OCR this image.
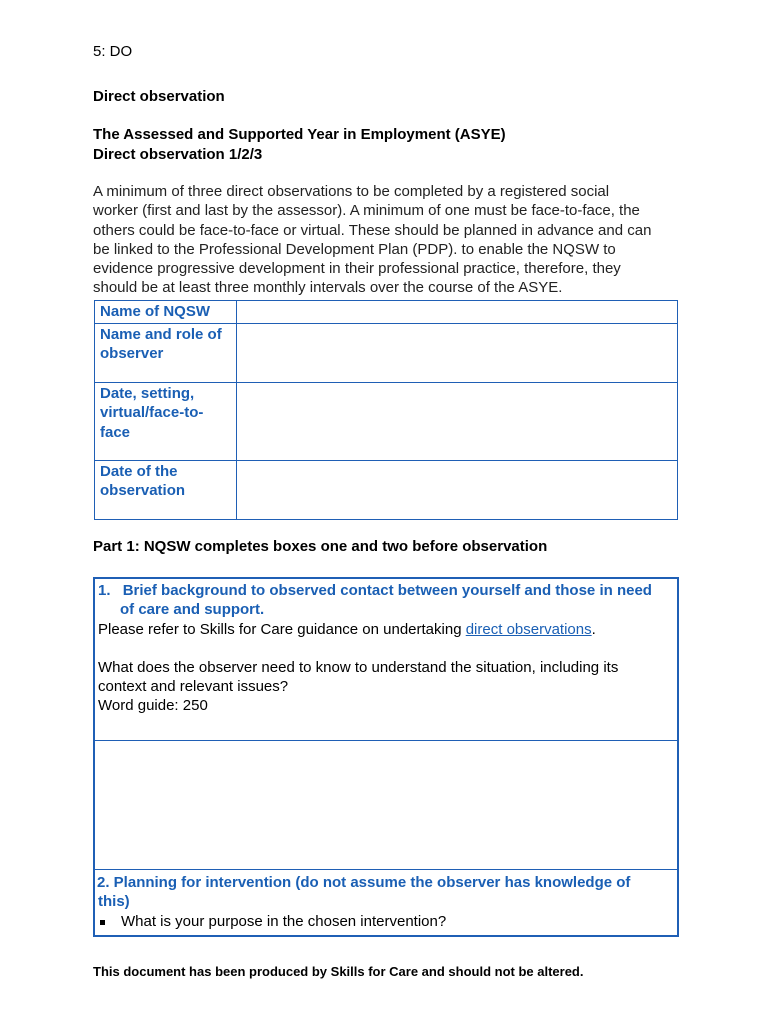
5: DO
Direct observation
The Assessed and Supported Year in Employment (ASYE)
Direct observation 1/2/3
A minimum of three direct observations to be completed by a registered social
worker (first and last by the assessor). A minimum of one must be face-to-face, the
others could be face-to-face or virtual. These should be planned in advance and can
be linked to the Professional Development Plan (PDP). to enable the NQSW to
evidence progressive development in their professional practice, therefore, they
should be at least three monthly intervals over the course of the ASYE.
Name of NQSW	

Name and role of
observer	

Date, setting,
virtual/face-to-
face	

Date of the
observation	

Part 1: NQSW completes boxes one and two before observation
1. Brief background to observed contact between yourself and those in need
of care and support.
Please refer to Skills for Care guidance on undertaking direct observations.
What does the observer need to know to understand the situation, including its
context and relevant issues?
Word guide: 250
2. Planning for intervention (do not assume the observer has knowledge of
this)
What is your purpose in the chosen intervention?
This document has been produced by Skills for Care and should not be altered.
